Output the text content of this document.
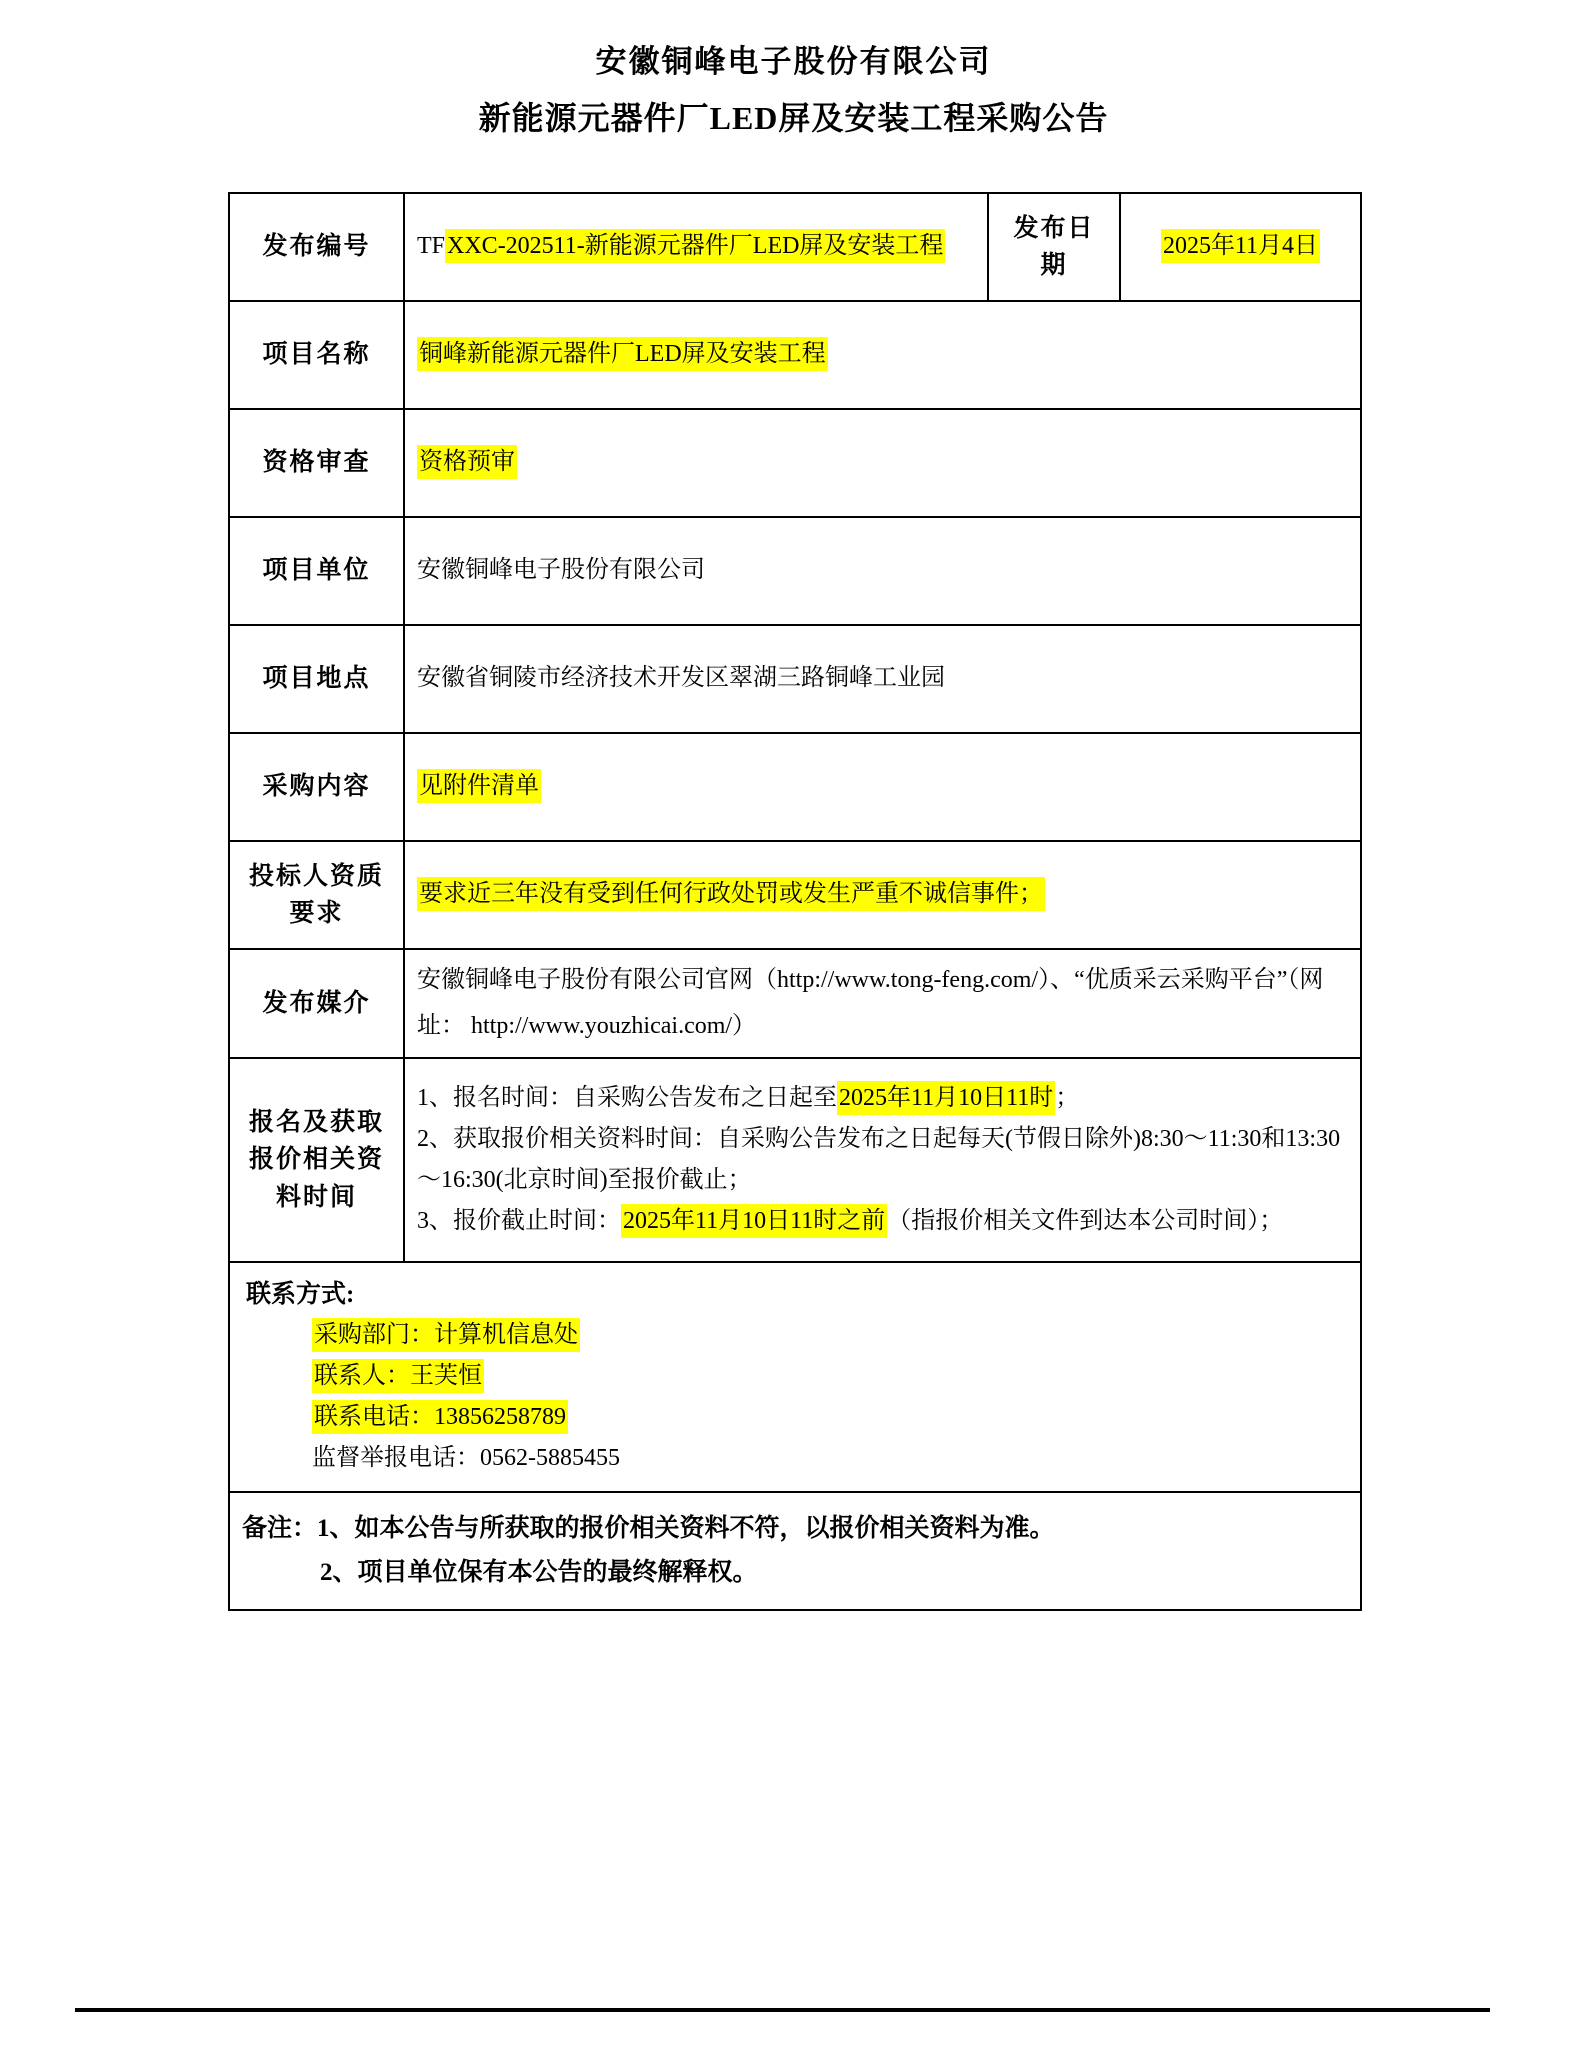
安徽铜峰电子股份有限公司
新能源元器件厂LED屏及安装工程采购公告
发布编号	TFXXC-202511-新能源元器件厂LED屏及安装工程	发布日期	2025年11月4日
项目名称	铜峰新能源元器件厂LED屏及安装工程		
资格审查	资格预审		
项目单位	安徽铜峰电子股份有限公司		
项目地点	安徽省铜陵市经济技术开发区翠湖三路铜峰工业园		
采购内容	见附件清单		
投标人资质要求	要求近三年没有受到任何行政处罚或发生严重不诚信事件；		
发布媒介	安徽铜峰电子股份有限公司官网（http://www.tong-feng.com/）、“优质采云采购平台”（网址： http://www.youzhicai.com/）		
报名及获取报价相关资料时间	1、报名时间：自采购公告发布之日起至2025年11月10日11时；
2、获取报价相关资料时间：自采购公告发布之日起每天(节假日除外)8:30～11:30和13:30～16:30(北京时间)至报价截止；
3、报价截止时间：2025年11月10日11时之前（指报价相关文件到达本公司时间）；		

联系方式:
采购部门：计算机信息处
联系人：王芙恒
联系电话：13856258789
监督举报电话：0562-5885455			

备注：1、如本公告与所获取的报价相关资料不符，以报价相关资料为准。
2、项目单位保有本公告的最终解释权。			
